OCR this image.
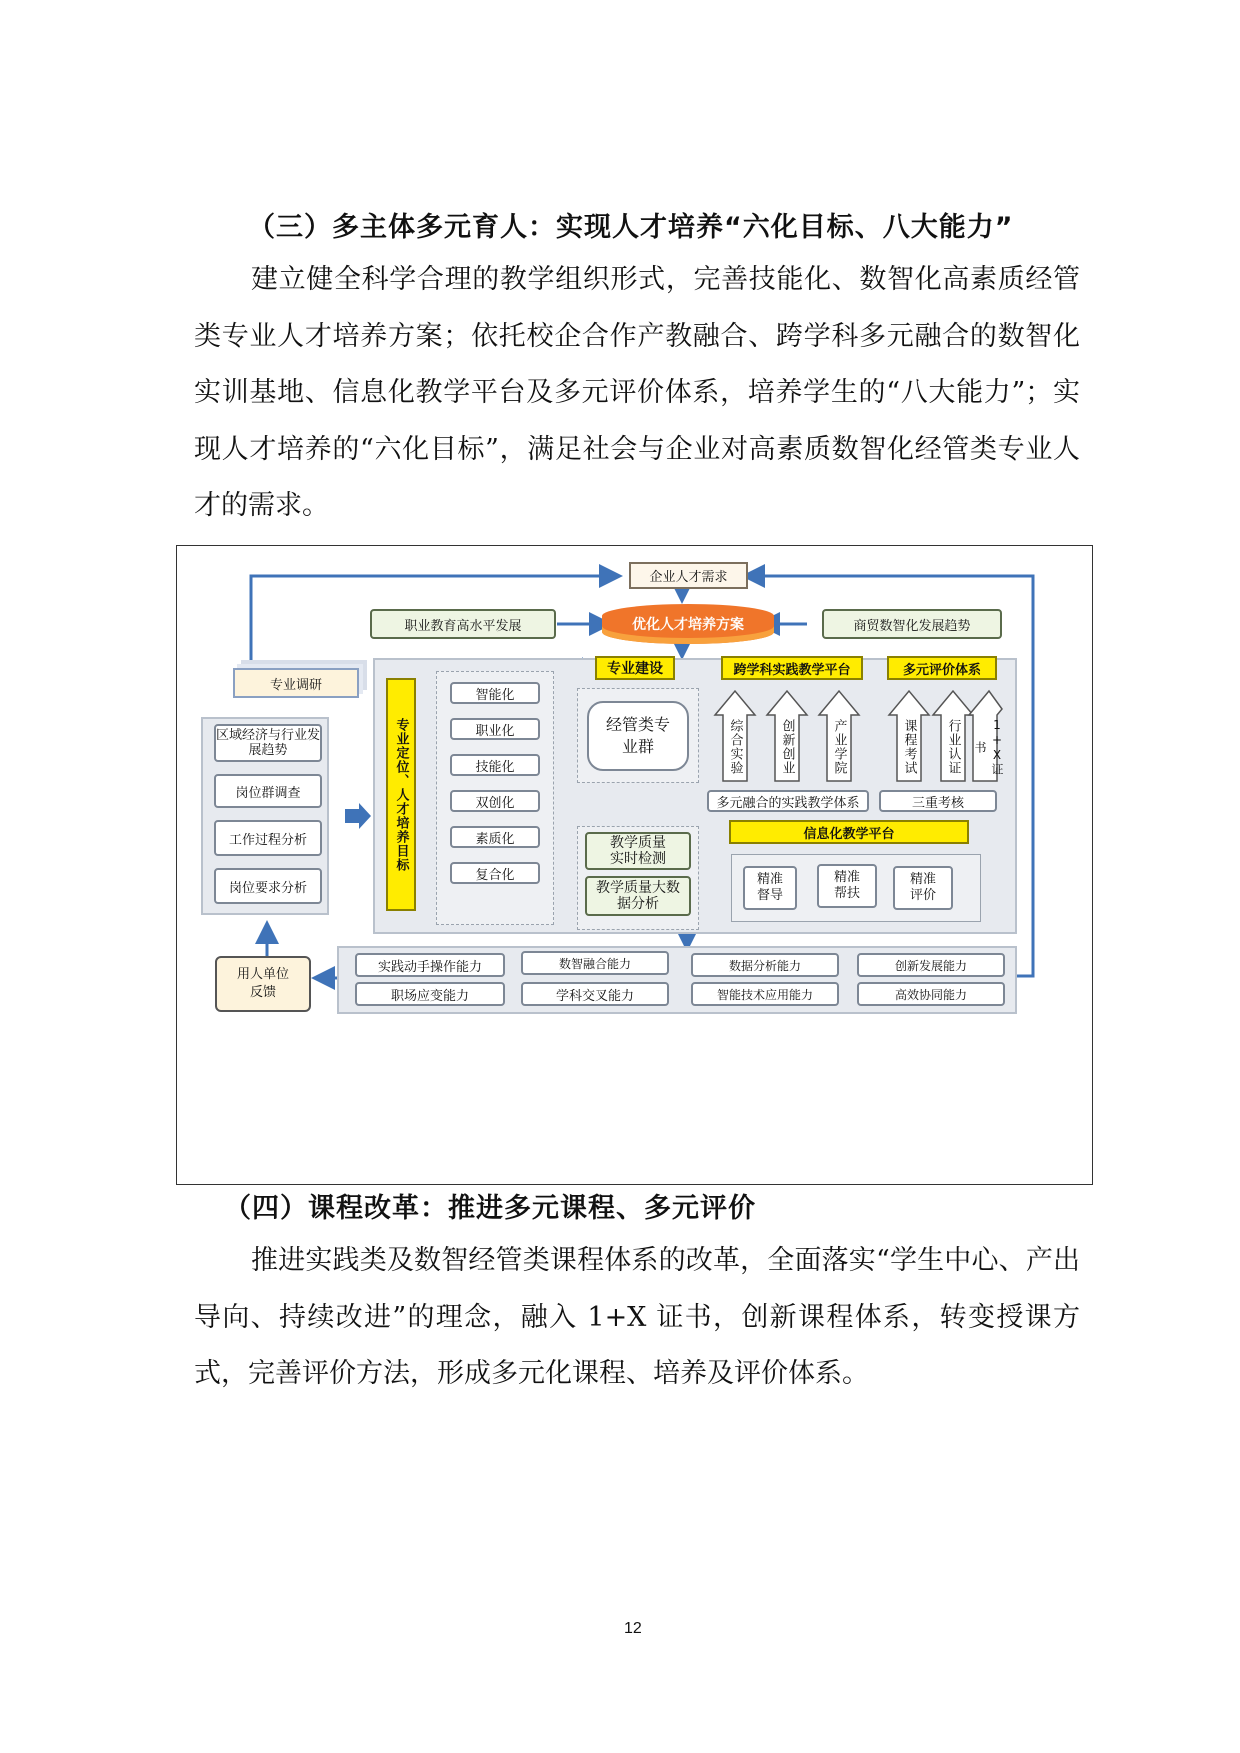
（三）多主体多元育人：实现人才培养“六化目标、八大能力”

建立健全科学合理的教学组织形式，完善技能化、数智化高素质经管类专业人才培养方案；依托校企合作产教融合、跨学科多元融合的数智化实训基地、信息化教学平台及多元评价体系，培养学生的“八大能力”；实现人才培养的“六化目标”，满足社会与企业对高素质数智化经管类专业人才的需求。

企业人才需求
职业教育高水平发展	优化人才培养方案	商贸数智化发展趋势
专业调研
区域经济与行业发展趋势
岗位群调查
工作过程分析
岗位要求分析
专业定位、人才培养目标
智能化
职业化
技能化
双创化
素质化
复合化
专业建设
经管类专业群
跨学科实践教学平台	多元评价体系
综合实验	创新创业	产业学院	课程考试 行业认证
多元融合的实践教学体系	三重考核
教学质量实时检测
教学质量大数据分析
信息化教学平台
精准督导
精准帮扶
精准评价
用人单位反馈
实践动手操作能力	数智融合能力	数据分析能力	创新发展能力
职场应变能力	学科交叉能力	智能技术应用能力	高效协同能力
（四）课程改革：推进多元课程、多元评价

推进实践类及数智经管类课程体系的改革，全面落实“学生中心、产出导向、持续改进”的理念，融入 1+X 证书，创新课程体系，转变授课方式，完善评价方法，形成多元化课程、培养及评价体系。

12
